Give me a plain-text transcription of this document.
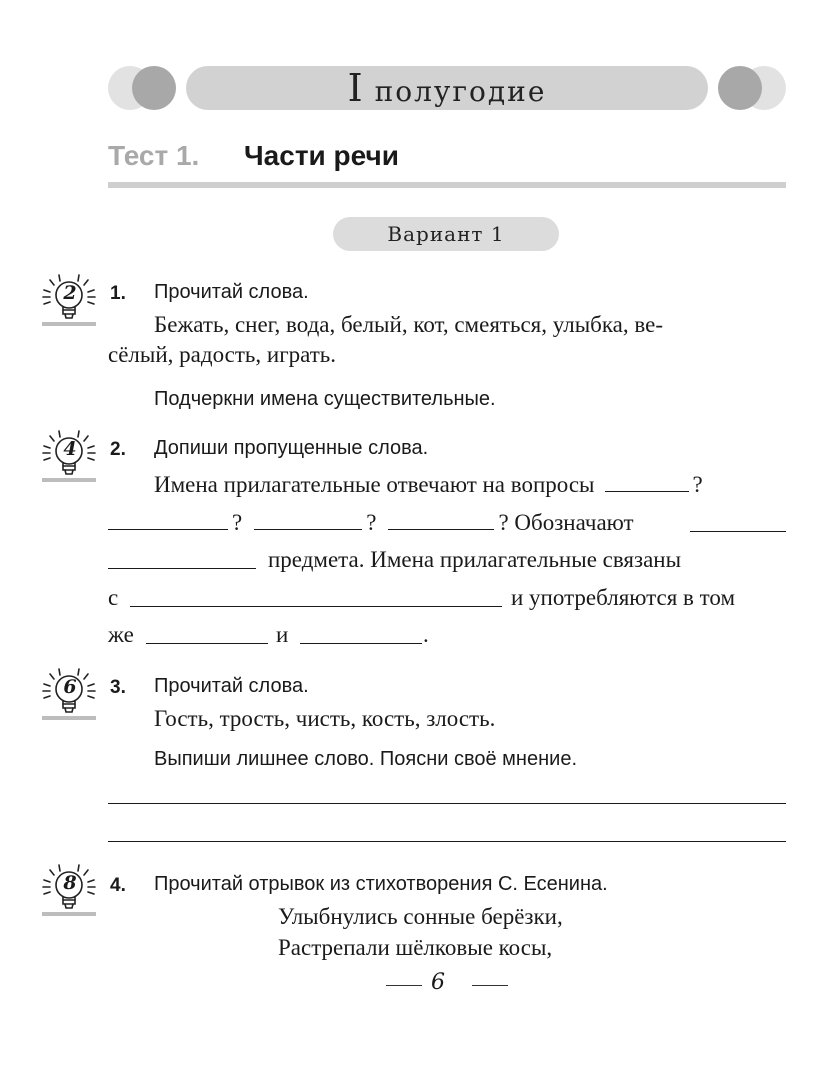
I полугодие
Тест 1. Части речи
Вариант 1
2 1. Прочитай слова.
Бежать, снег, вода, белый, кот, смеяться, улыбка, ве-
сёлый, радость, играть.
Подчеркни имена существительные.
4 2. Допиши пропущенные слова.
Имена прилагательные отвечают на вопросы	?
?	?	? Обозначают
предмета. Имена прилагательные связаны
с	и употребляются в том
же	и	.
6 3. Прочитай слова.
Гость, трость, чисть, кость, злость.
Выпиши лишнее слово. Поясни своё мнение.
8 4. Прочитай отрывок из стихотворения С. Есенина.
Улыбнулись сонные берёзки,
Растрепали шёлковые косы,
6
